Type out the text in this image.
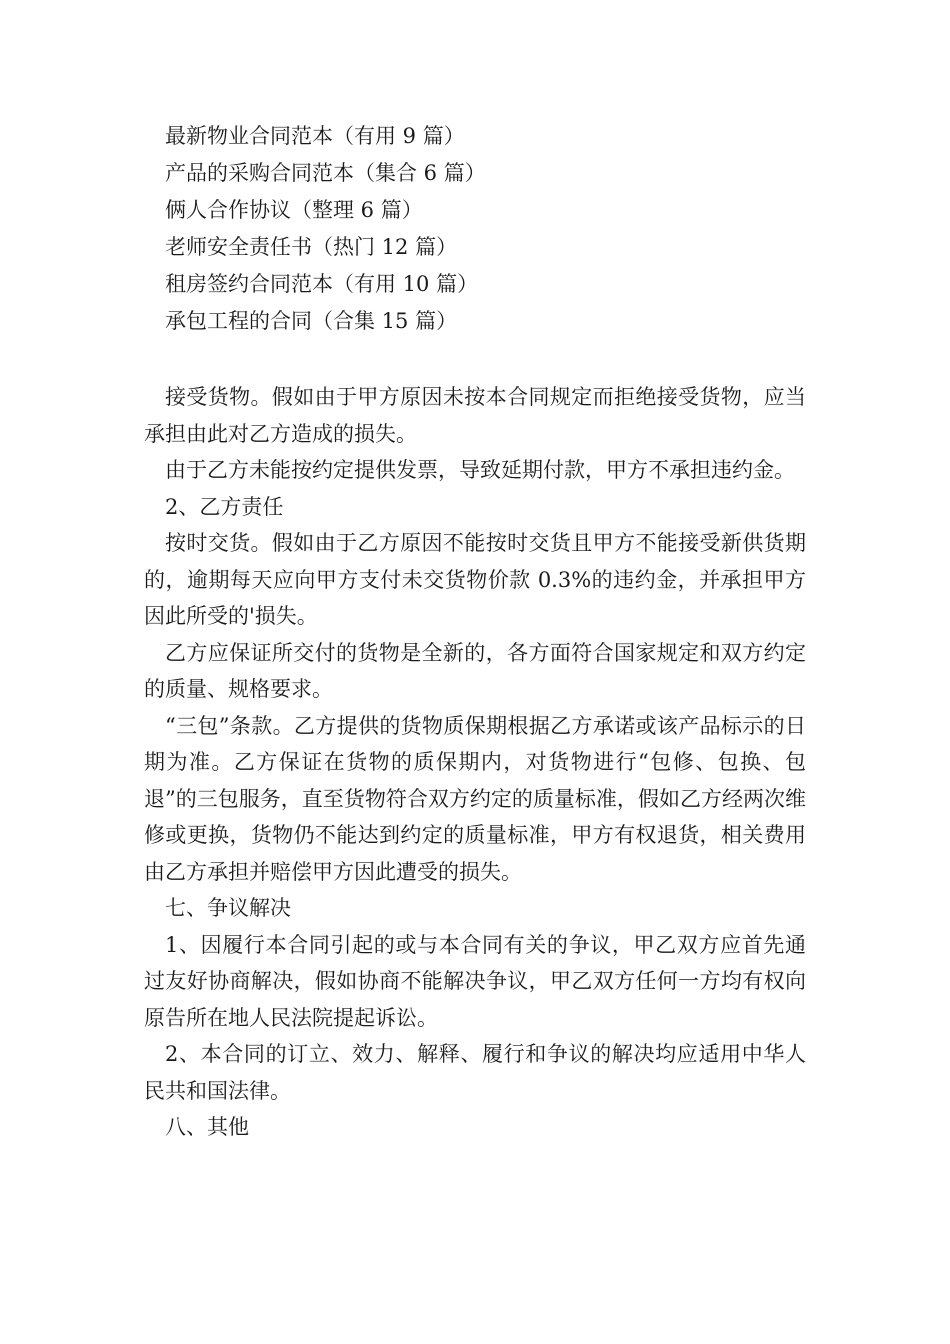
最新物业合同范本（有用 9 篇）
产品的采购合同范本（集合 6 篇）
俩人合作协议（整理 6 篇）
老师安全责任书（热门 12 篇）
租房签约合同范本（有用 10 篇）
承包工程的合同（合集 15 篇）

接受货物。假如由于甲方原因未按本合同规定而拒绝接受货物，应当承担由此对乙方造成的损失。

由于乙方未能按约定提供发票，导致延期付款，甲方不承担违约金。

2、乙方责任

按时交货。假如由于乙方原因不能按时交货且甲方不能接受新供货期的，逾期每天应向甲方支付未交货物价款 0.3%的违约金，并承担甲方因此所受的'损失。

乙方应保证所交付的货物是全新的，各方面符合国家规定和双方约定的质量、规格要求。

“三包”条款。乙方提供的货物质保期根据乙方承诺或该产品标示的日期为准。乙方保证在货物的质保期内，对货物进行“包修、包换、包退”的三包服务，直至货物符合双方约定的质量标准，假如乙方经两次维修或更换，货物仍不能达到约定的质量标准，甲方有权退货，相关费用由乙方承担并赔偿甲方因此遭受的损失。

七、争议解决

1、因履行本合同引起的或与本合同有关的争议，甲乙双方应首先通过友好协商解决，假如协商不能解决争议，甲乙双方任何一方均有权向原告所在地人民法院提起诉讼。

2、本合同的订立、效力、解释、履行和争议的解决均应适用中华人民共和国法律。

八、其他
